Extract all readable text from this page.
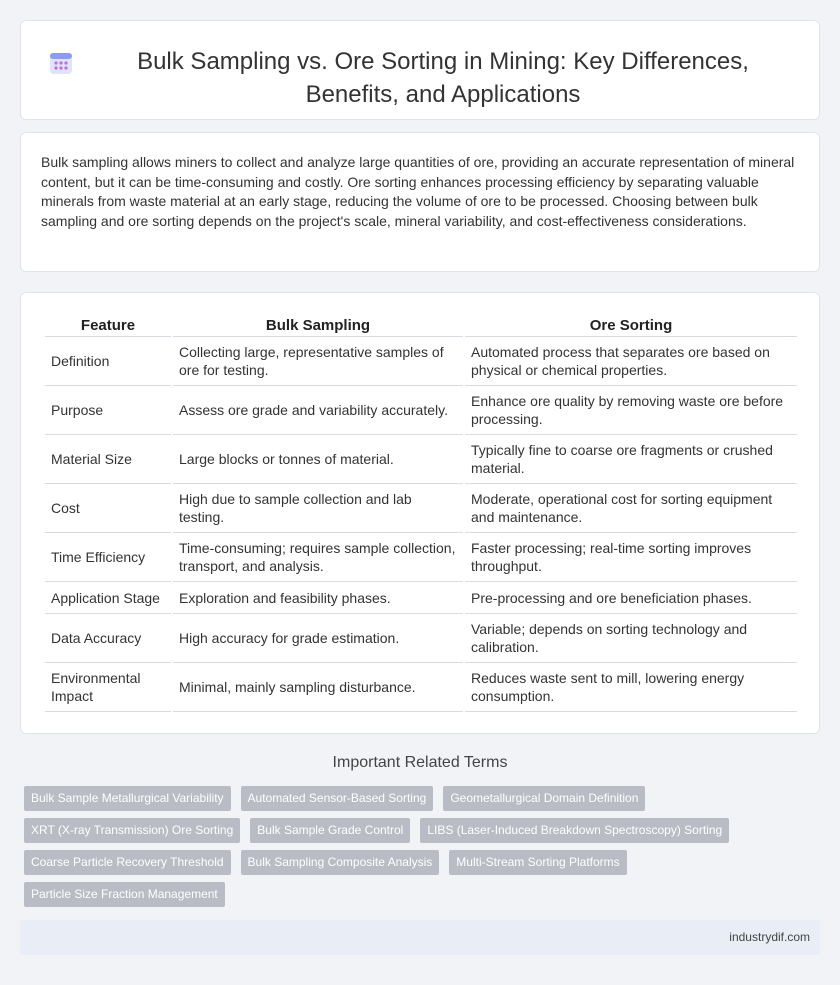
Bulk Sampling vs. Ore Sorting in Mining: Key Differences, Benefits, and Applications

Bulk sampling allows miners to collect and analyze large quantities of ore, providing an accurate representation of mineral content, but it can be time-consuming and costly. Ore sorting enhances processing efficiency by separating valuable minerals from waste material at an early stage, reducing the volume of ore to be processed. Choosing between bulk sampling and ore sorting depends on the project's scale, mineral variability, and cost-effectiveness considerations.

Feature	Bulk Sampling	Ore Sorting
Definition	Collecting large, representative samples of ore for testing.	Automated process that separates ore based on physical or chemical properties.
Purpose	Assess ore grade and variability accurately.	Enhance ore quality by removing waste ore before processing.
Material Size	Large blocks or tonnes of material.	Typically fine to coarse ore fragments or crushed material.
Cost	High due to sample collection and lab testing.	Moderate, operational cost for sorting equipment and maintenance.
Time Efficiency	Time-consuming; requires sample collection, transport, and analysis.	Faster processing; real-time sorting improves throughput.
Application Stage	Exploration and feasibility phases.	Pre-processing and ore beneficiation phases.
Data Accuracy	High accuracy for grade estimation.	Variable; depends on sorting technology and calibration.
Environmental Impact	Minimal, mainly sampling disturbance.	Reduces waste sent to mill, lowering energy consumption.
Important Related Terms
Bulk Sample Metallurgical Variability	Automated Sensor-Based Sorting	Geometallurgical Domain Definition
XRT (X-ray Transmission) Ore Sorting	Bulk Sample Grade Control	LIBS (Laser-Induced Breakdown Spectroscopy) Sorting
Coarse Particle Recovery Threshold	Bulk Sampling Composite Analysis	Multi-Stream Sorting Platforms
Particle Size Fraction Management
industrydif.com
